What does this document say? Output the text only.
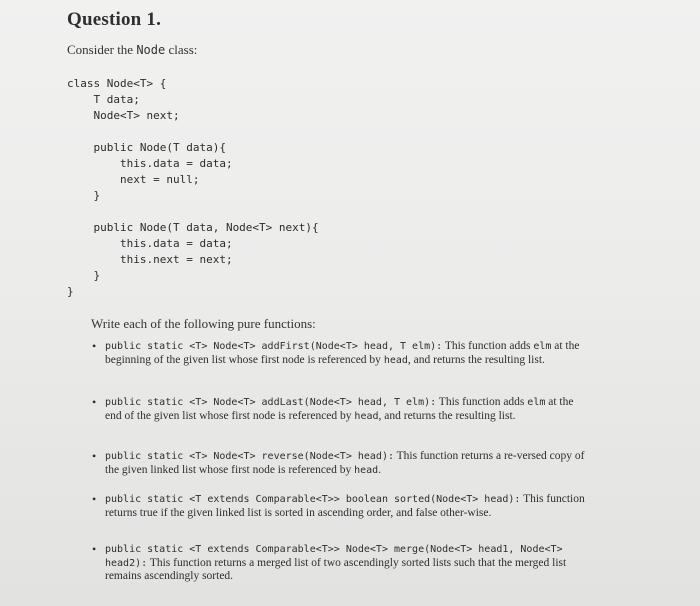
Question 1.
Consider the Node class:
class Node<T> {
T data;
Node<T> next;

public Node(T data){
this.data = data;
next = null;
}

public Node(T data, Node<T> next){
this.data = data;
this.next = next;
}
}
Write each of the following pure functions:
• public static <T> Node<T> addFirst(Node<T> head, T elm): This function adds elm at the beginning of the given list whose first node is referenced by head, and returns the resulting list.
• public static <T> Node<T> addLast(Node<T> head, T elm): This function adds elm at the end of the given list whose first node is referenced by head, and returns the resulting list.
• public static <T> Node<T> reverse(Node<T> head): This function returns a re-versed copy of the given linked list whose first node is referenced by head.
• public static <T extends Comparable<T>> boolean sorted(Node<T> head): This function returns true if the given linked list is sorted in ascending order, and false other-wise.
• public static <T extends Comparable<T>> Node<T> merge(Node<T> head1, Node<T> head2): This function returns a merged list of two ascendingly sorted lists such that the merged list remains ascendingly sorted.
